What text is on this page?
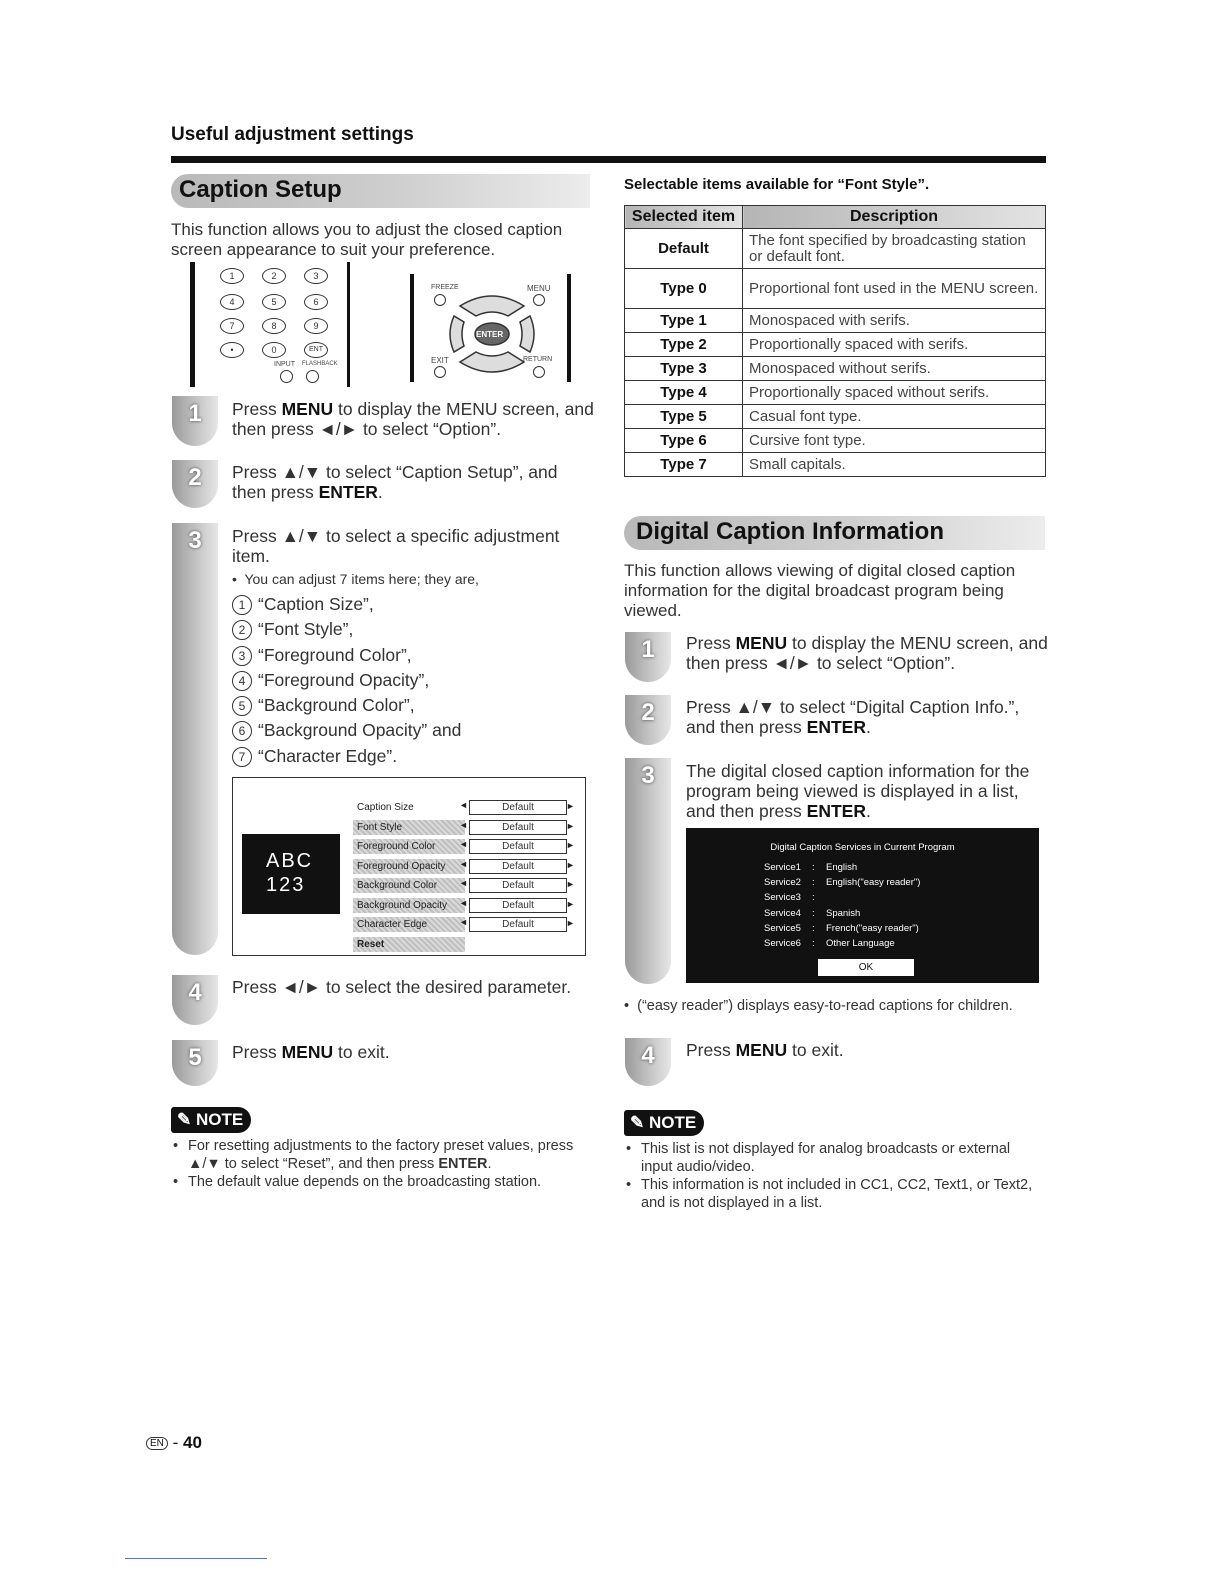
Useful adjustment settings
Caption Setup
This function allows you to adjust the closed caption screen appearance to suit your preference.
1	2	3
4	5	6
7	8	9
•	0	ENT
INPUT FLASHBACK
FREEZE	MENU
ENTER
EXIT	RETURN
1	Press MENU to display the MENU screen, and then press ◄/► to select “Option”.
2	Press ▲/▼ to select “Caption Setup”, and then press ENTER.
3	Press ▲/▼ to select a specific adjustment item.
•  You can adjust 7 items here; they are,
1 “Caption Size”,
2 “Font Style”,
3 “Foreground Color”,
4 “Foreground Opacity”,
5 “Background Color”,
6 “Background Opacity” and
7 “Character Edge”.
ABC
123
Caption Size	◄	Default	►
Font Style	◄	Default	►
Foreground Color	◄	Default	►
Foreground Opacity	◄	Default	►
Background Color	◄	Default	►
Background Opacity	◄	Default	►
Character Edge	◄	Default	►
Reset
4	Press ◄/► to select the desired parameter.
5	Press MENU to exit.
✎ NOTE
• For resetting adjustments to the factory preset values, press ▲/▼ to select “Reset”, and then press ENTER.
• The default value depends on the broadcasting station.
Selectable items available for “Font Style”.
Selected item	Description
Default	The font specified by broadcasting station or default font.
Type 0	Proportional font used in the MENU screen.
Type 1	Monospaced with serifs.
Type 2	Proportionally spaced with serifs.
Type 3	Monospaced without serifs.
Type 4	Proportionally spaced without serifs.
Type 5	Casual font type.
Type 6	Cursive font type.
Type 7	Small capitals.
Digital Caption Information
This function allows viewing of digital closed caption information for the digital broadcast program being viewed.
1	Press MENU to display the MENU screen, and then press ◄/► to select “Option”.
2	Press ▲/▼ to select “Digital Caption Info.”, and then press ENTER.
3	The digital closed caption information for the program being viewed is displayed in a list, and then press ENTER.
Digital Caption Services in Current Program
Service1 : English
Service2 : English("easy reader")
Service3 :
Service4 : Spanish
Service5 : French("easy reader")
Service6 : Other Language
OK
•  (“easy reader”) displays easy-to-read captions for children.
4	Press MENU to exit.
✎ NOTE
• This list is not displayed for analog broadcasts or external input audio/video.
• This information is not included in CC1, CC2, Text1, or Text2, and is not displayed in a list.
EN - 40
